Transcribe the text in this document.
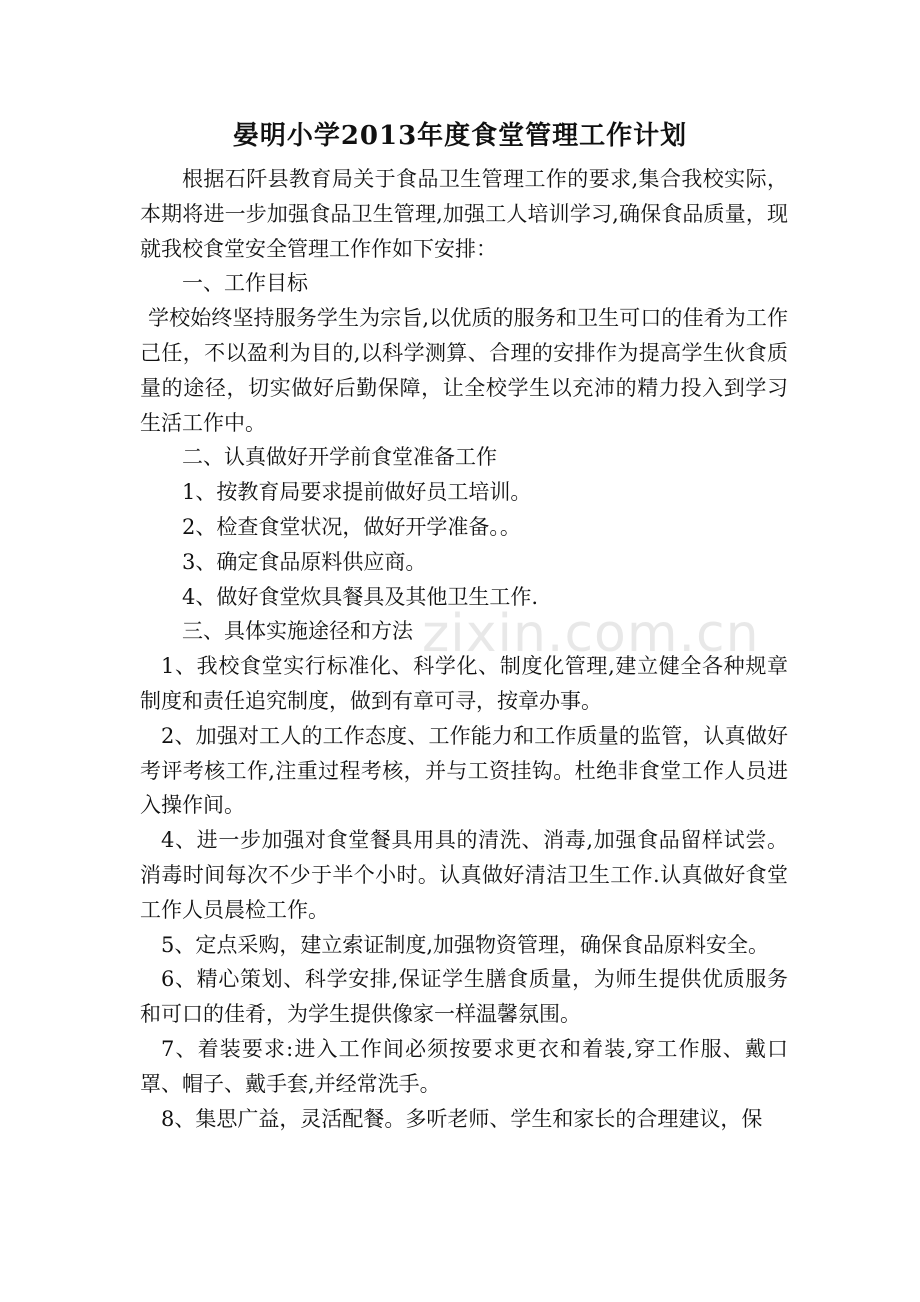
晏明小学2013年度食堂管理工作计划

根据石阡县教育局关于食品卫生管理工作的要求,集合我校实际，本期将进一步加强食品卫生管理,加强工人培训学习,确保食品质量，现就我校食堂安全管理工作作如下安排：

一、工作目标

学校始终坚持服务学生为宗旨,以优质的服务和卫生可口的佳肴为工作己任，不以盈利为目的,以科学测算、合理的安排作为提高学生伙食质量的途径，切实做好后勤保障，让全校学生以充沛的精力投入到学习生活工作中。

二、认真做好开学前食堂准备工作

1、按教育局要求提前做好员工培训。

2、检查食堂状况，做好开学准备。。

3、确定食品原料供应商。

4、做好食堂炊具餐具及其他卫生工作.

三、具体实施途径和方法

1、我校食堂实行标准化、科学化、制度化管理,建立健全各种规章制度和责任追究制度，做到有章可寻，按章办事。

2、加强对工人的工作态度、工作能力和工作质量的监管，认真做好考评考核工作,注重过程考核，并与工资挂钩。杜绝非食堂工作人员进入操作间。

4、进一步加强对食堂餐具用具的清洗、消毒,加强食品留样试尝。消毒时间每次不少于半个小时。认真做好清洁卫生工作.认真做好食堂工作人员晨检工作。

5、定点采购，建立索证制度,加强物资管理，确保食品原料安全。

6、精心策划、科学安排,保证学生膳食质量，为师生提供优质服务和可口的佳肴，为学生提供像家一样温馨氛围。

7、着装要求:进入工作间必须按要求更衣和着装,穿工作服、戴口罩、帽子、戴手套,并经常洗手。

8、集思广益，灵活配餐。多听老师、学生和家长的合理建议，保

zixin.com.cn
